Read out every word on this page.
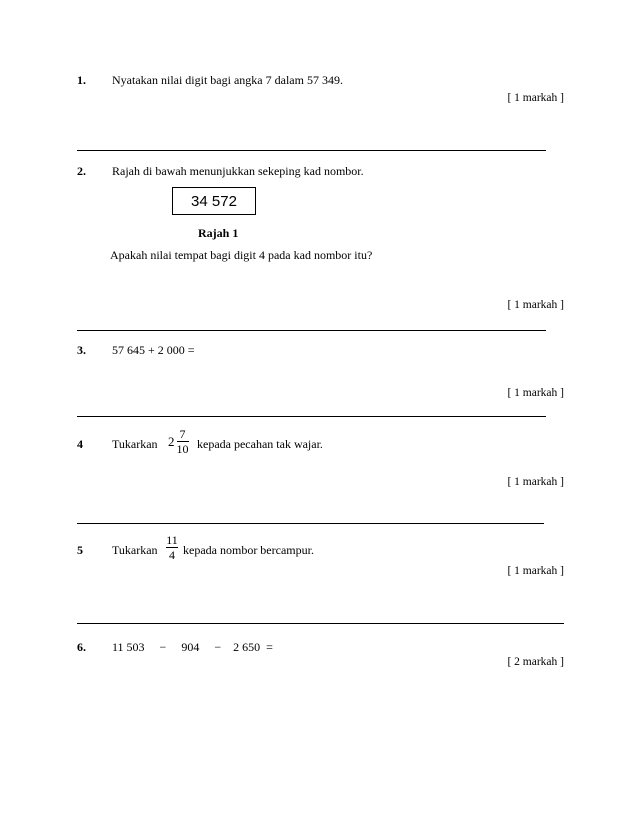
1. Nyatakan nilai digit bagi angka 7 dalam 57 349.
[ 1 markah ]
2. Rajah di bawah menunjukkan sekeping kad nombor.
34 572
Rajah 1
Apakah nilai tempat bagi digit 4 pada kad nombor itu?
[ 1 markah ]
3. 57 645 + 2 000 =
[ 1 markah ]
4 Tukarkan 2 7
10 kepada pecahan tak wajar.
[ 1 markah ]
5 Tukarkan
11
4 kepada nombor bercampur.
[ 1 markah ]
6. 11 503     −     904     −    2 650  =
[ 2 markah ]
